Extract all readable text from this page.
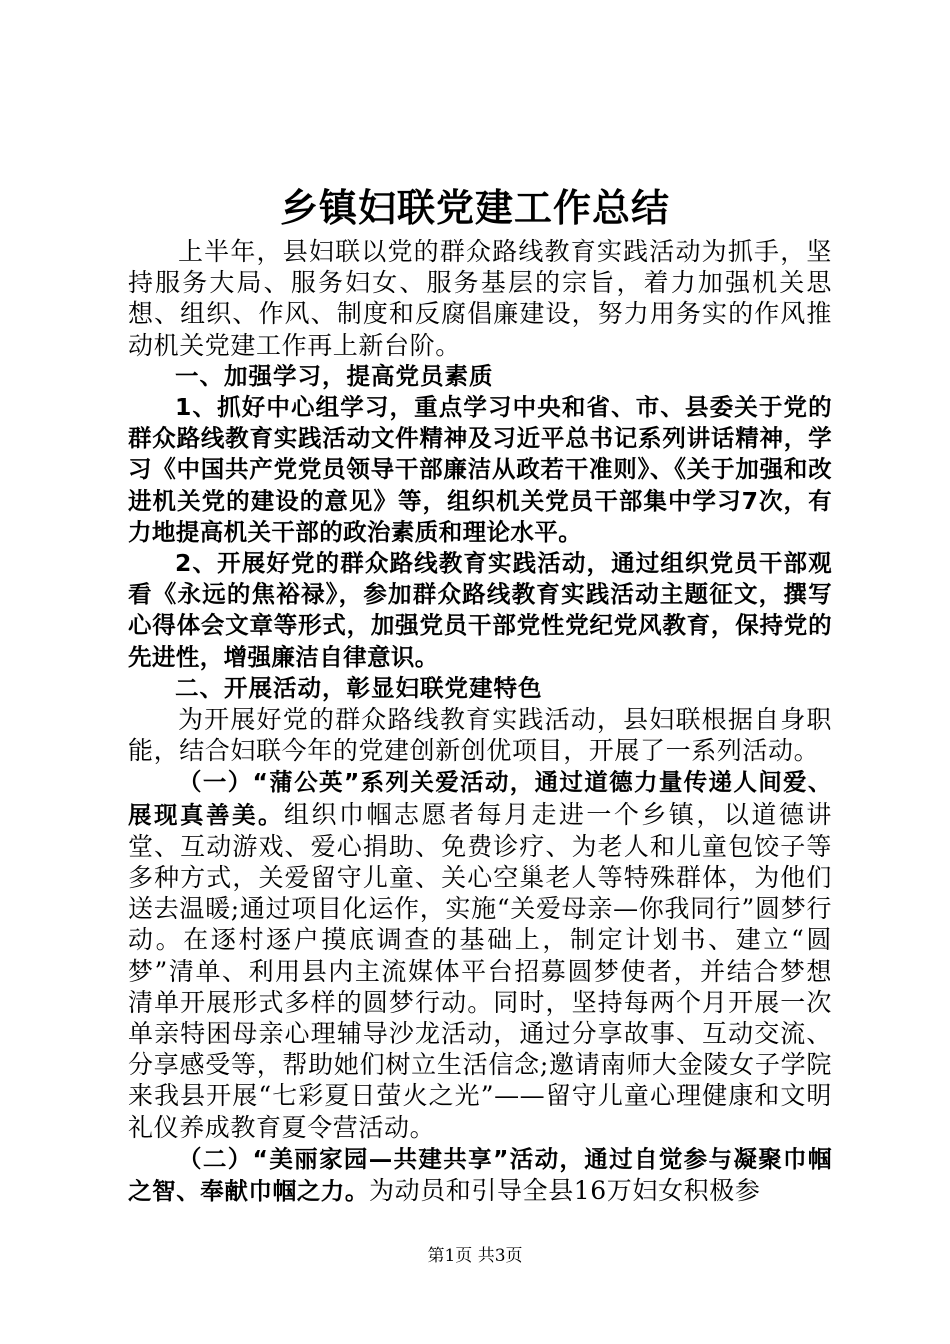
乡镇妇联党建工作总结

上半年，县妇联以党的群众路线教育实践活动为抓手，坚持服务大局、服务妇女、服务基层的宗旨，着力加强机关思想、组织、作风、制度和反腐倡廉建设，努力用务实的作风推动机关党建工作再上新台阶。

一、加强学习，提高党员素质

1、抓好中心组学习，重点学习中央和省、市、县委关于党的群众路线教育实践活动文件精神及习近平总书记系列讲话精神，学习《中国共产党党员领导干部廉洁从政若干准则》、《关于加强和改进机关党的建设的意见》等，组织机关党员干部集中学习7次，有力地提高机关干部的政治素质和理论水平。

2、开展好党的群众路线教育实践活动，通过组织党员干部观看《永远的焦裕禄》，参加群众路线教育实践活动主题征文，撰写心得体会文章等形式，加强党员干部党性党纪党风教育，保持党的先进性，增强廉洁自律意识。

二、开展活动，彰显妇联党建特色

为开展好党的群众路线教育实践活动，县妇联根据自身职能，结合妇联今年的党建创新创优项目，开展了一系列活动。

（一）“蒲公英”系列关爱活动，通过道德力量传递人间爱、展现真善美。组织巾帼志愿者每月走进一个乡镇，以道德讲堂、互动游戏、爱心捐助、免费诊疗、为老人和儿童包饺子等多种方式，关爱留守儿童、关心空巢老人等特殊群体，为他们送去温暖;通过项目化运作，实施“关爱母亲—你我同行”圆梦行动。在逐村逐户摸底调查的基础上，制定计划书、建立“圆梦”清单、利用县内主流媒体平台招募圆梦使者，并结合梦想清单开展形式多样的圆梦行动。同时，坚持每两个月开展一次单亲特困母亲心理辅导沙龙活动，通过分享故事、互动交流、分享感受等，帮助她们树立生活信念;邀请南师大金陵女子学院来我县开展“七彩夏日萤火之光”——留守儿童心理健康和文明礼仪养成教育夏令营活动。

（二）“美丽家园—共建共享”活动，通过自觉参与凝聚巾帼之智、奉献巾帼之力。为动员和引导全县16万妇女积极参

第1页 共3页
